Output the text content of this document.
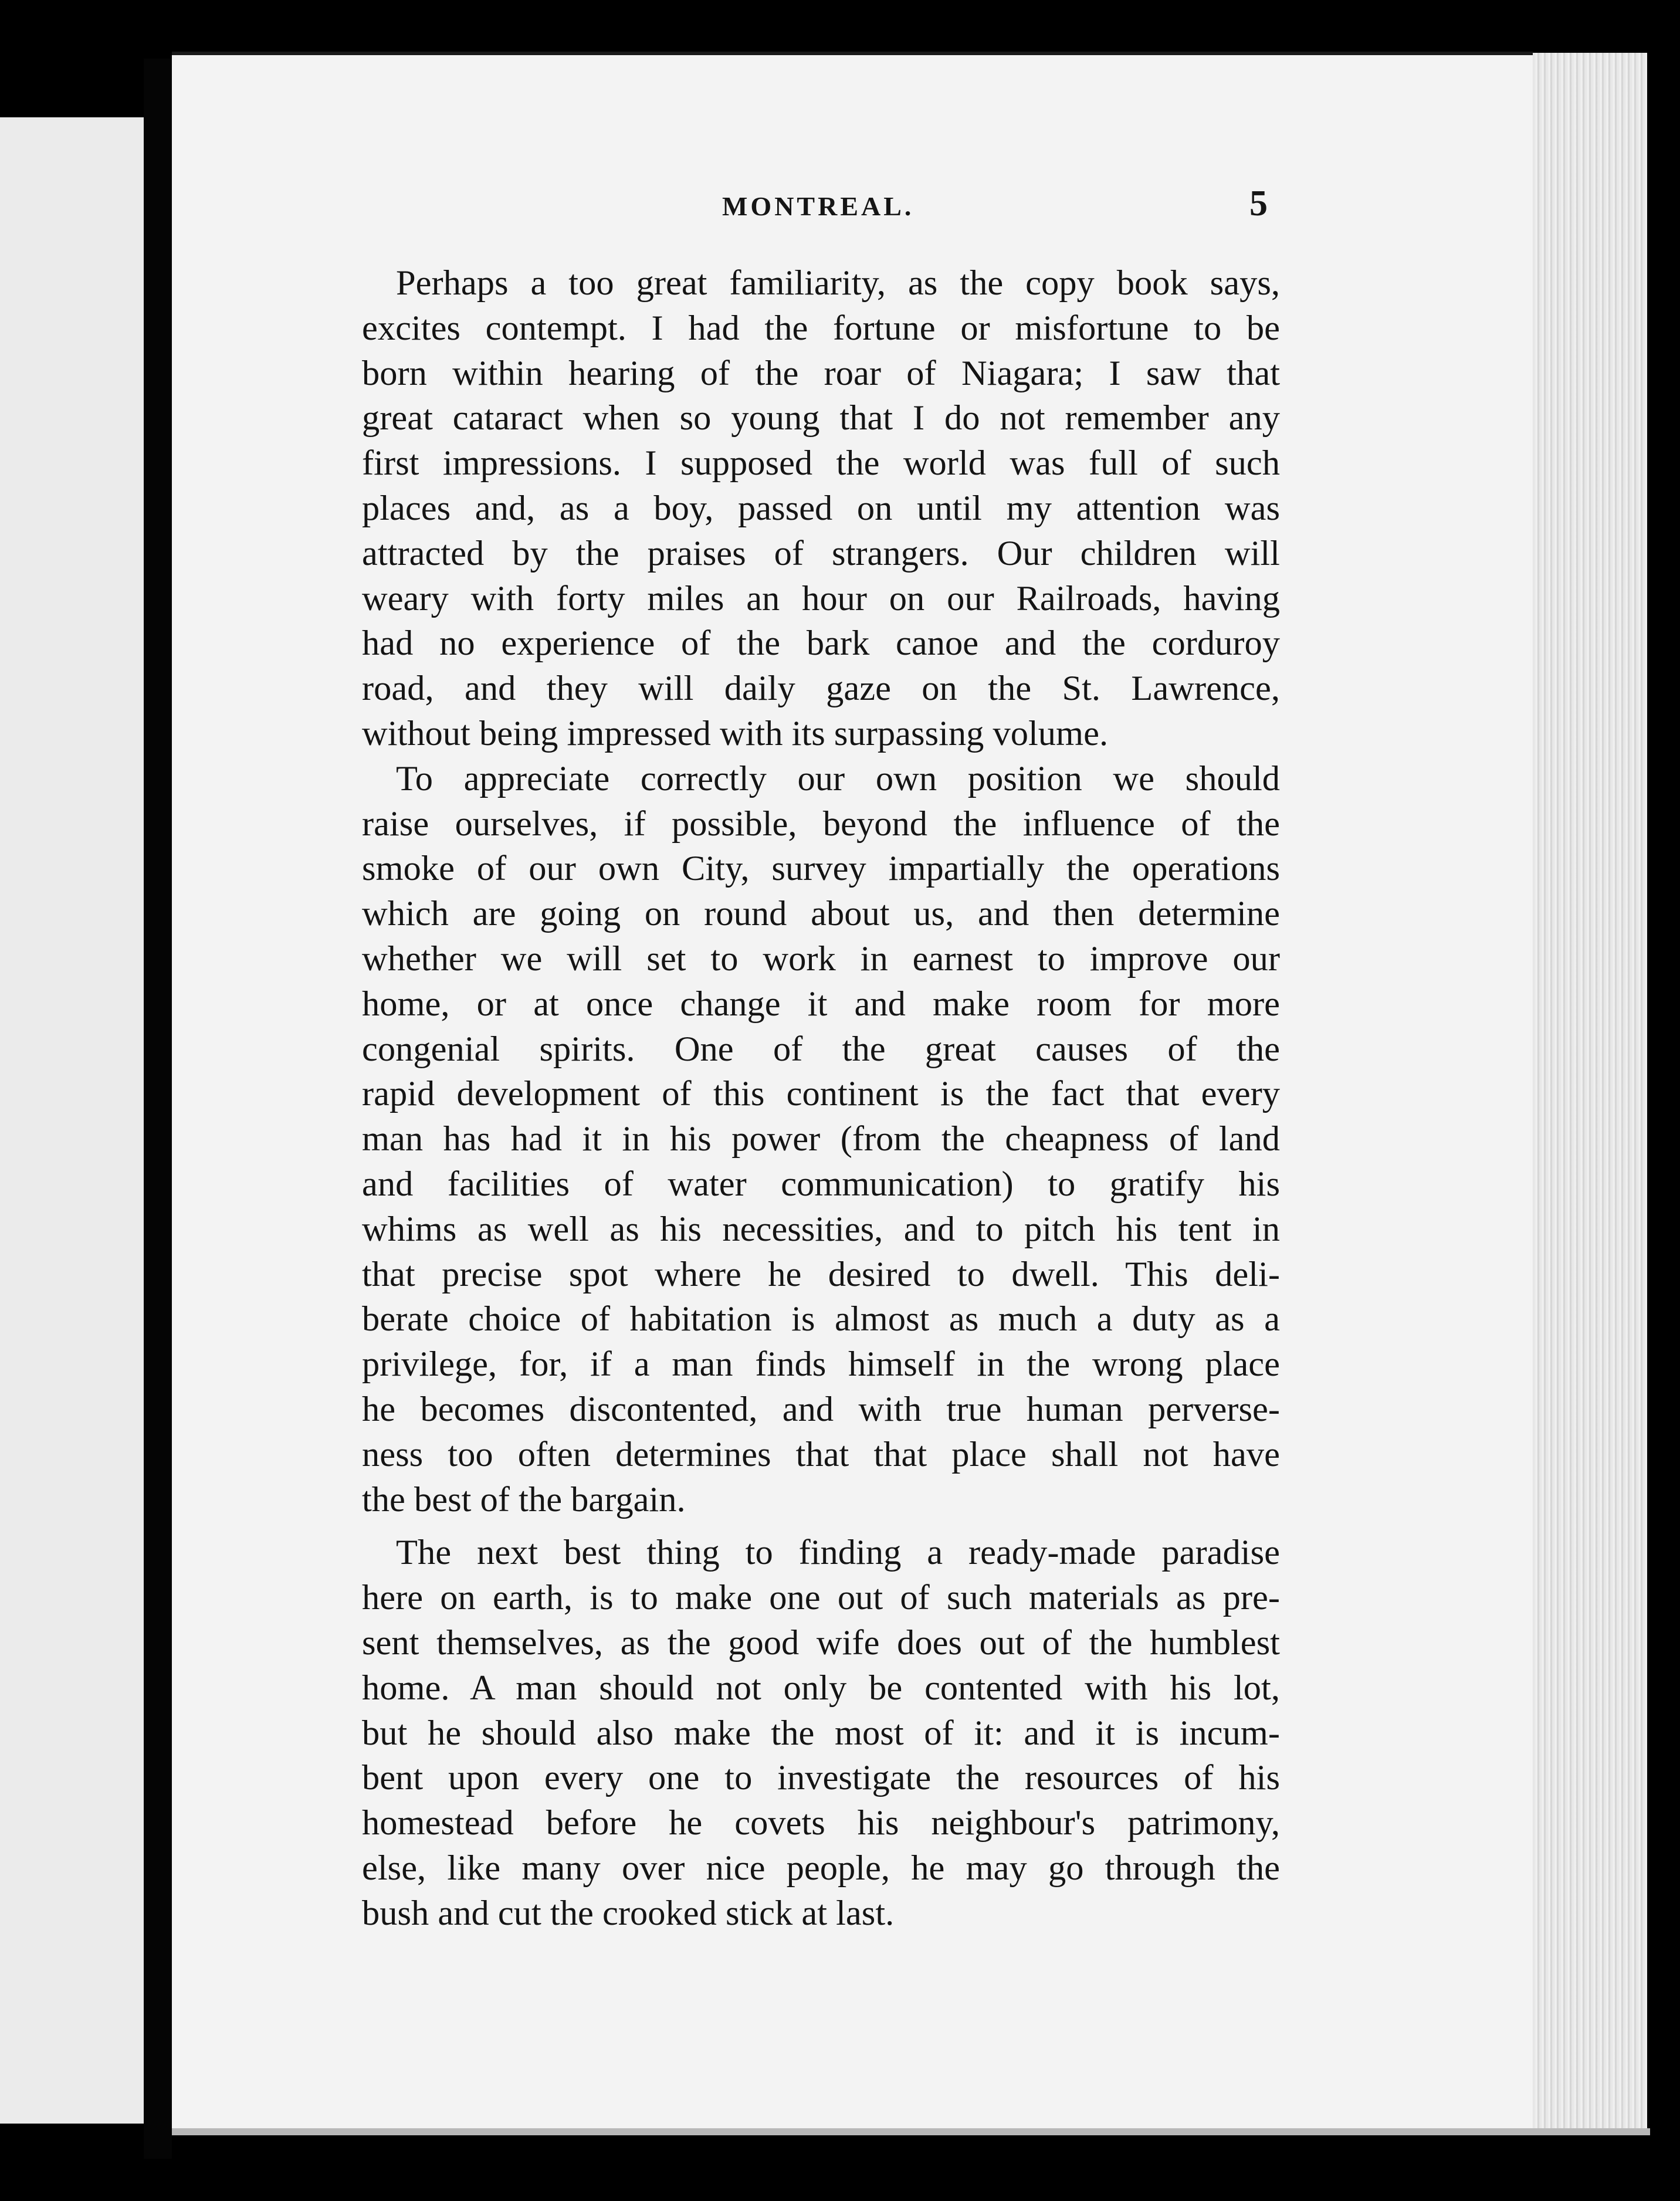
MONTREAL.	5
Perhaps a too great familiarity, as the copy book says,
excites contempt. I had the fortune or misfortune to be
born within hearing of the roar of Niagara; I saw that
great cataract when so young that I do not remember any
first impressions. I supposed the world was full of such
places and, as a boy, passed on until my attention was
attracted by the praises of strangers. Our children will
weary with forty miles an hour on our Railroads, having
had no experience of the bark canoe and the corduroy
road, and they will daily gaze on the St. Lawrence,
without being impressed with its surpassing volume.
To appreciate correctly our own position we should
raise ourselves, if possible, beyond the influence of the
smoke of our own City, survey impartially the operations
which are going on round about us, and then determine
whether we will set to work in earnest to improve our
home, or at once change it and make room for more
congenial spirits. One of the great causes of the
rapid development of this continent is the fact that every
man has had it in his power (from the cheapness of land
and facilities of water communication) to gratify his
whims as well as his necessities, and to pitch his tent in
that precise spot where he desired to dwell. This deli-
berate choice of habitation is almost as much a duty as a
privilege, for, if a man finds himself in the wrong place
he becomes discontented, and with true human perverse-
ness too often determines that that place shall not have
the best of the bargain.
The next best thing to finding a ready-made paradise
here on earth, is to make one out of such materials as pre-
sent themselves, as the good wife does out of the humblest
home. A man should not only be contented with his lot,
but he should also make the most of it: and it is incum-
bent upon every one to investigate the resources of his
homestead before he covets his neighbour's patrimony,
else, like many over nice people, he may go through the
bush and cut the crooked stick at last.
